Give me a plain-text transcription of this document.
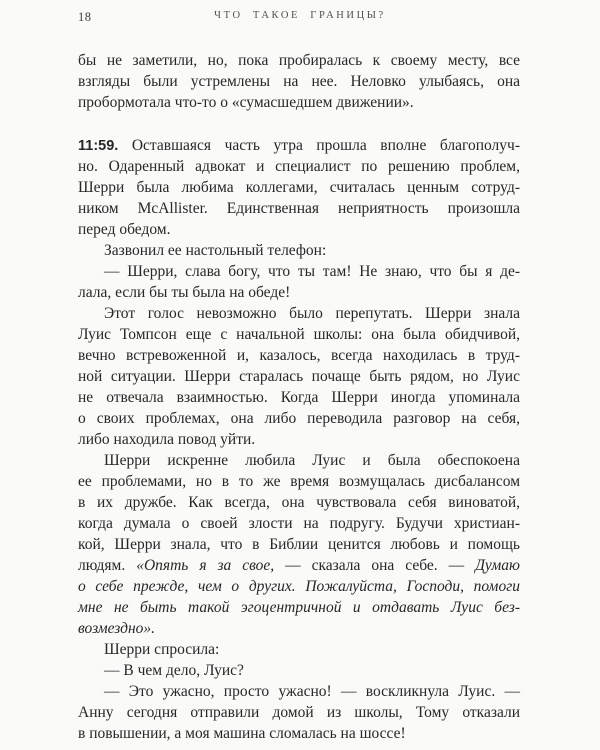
18	ЧТО ТАКОЕ ГРАНИЦЫ?
бы не заметили, но, пока пробиралась к своему месту, все
взгляды были устремлены на нее. Неловко улыбаясь, она
пробормотала что-то о «сумасшедшем движении».
11:59. Оставшаяся часть утра прошла вполне благополуч-
но. Одаренный адвокат и специалист по решению проблем,
Шерри была любима коллегами, считалась ценным сотруд-
ником McAllister. Единственная неприятность произошла
перед обедом.
Зазвонил ее настольный телефон:
— Шерри, слава богу, что ты там! Не знаю, что бы я де-
лала, если бы ты была на обеде!
Этот голос невозможно было перепутать. Шерри знала
Луис Томпсон еще с начальной школы: она была обидчивой,
вечно встревоженной и, казалось, всегда находилась в труд-
ной ситуации. Шерри старалась почаще быть рядом, но Луис
не отвечала взаимностью. Когда Шерри иногда упоминала
о своих проблемах, она либо переводила разговор на себя,
либо находила повод уйти.
Шерри искренне любила Луис и была обеспокоена
ее проблемами, но в то же время возмущалась дисбалансом
в их дружбе. Как всегда, она чувствовала себя виноватой,
когда думала о своей злости на подругу. Будучи христиан-
кой, Шерри знала, что в Библии ценится любовь и помощь
людям. «Опять я за свое, — сказала она себе. — Думаю
о себе прежде, чем о других. Пожалуйста, Господи, помоги
мне не быть такой эгоцентричной и отдавать Луис без-
возмездно».
Шерри спросила:
— В чем дело, Луис?
— Это ужасно, просто ужасно! — воскликнула Луис. —
Анну сегодня отправили домой из школы, Тому отказали
в повышении, а моя машина сломалась на шоссе!
